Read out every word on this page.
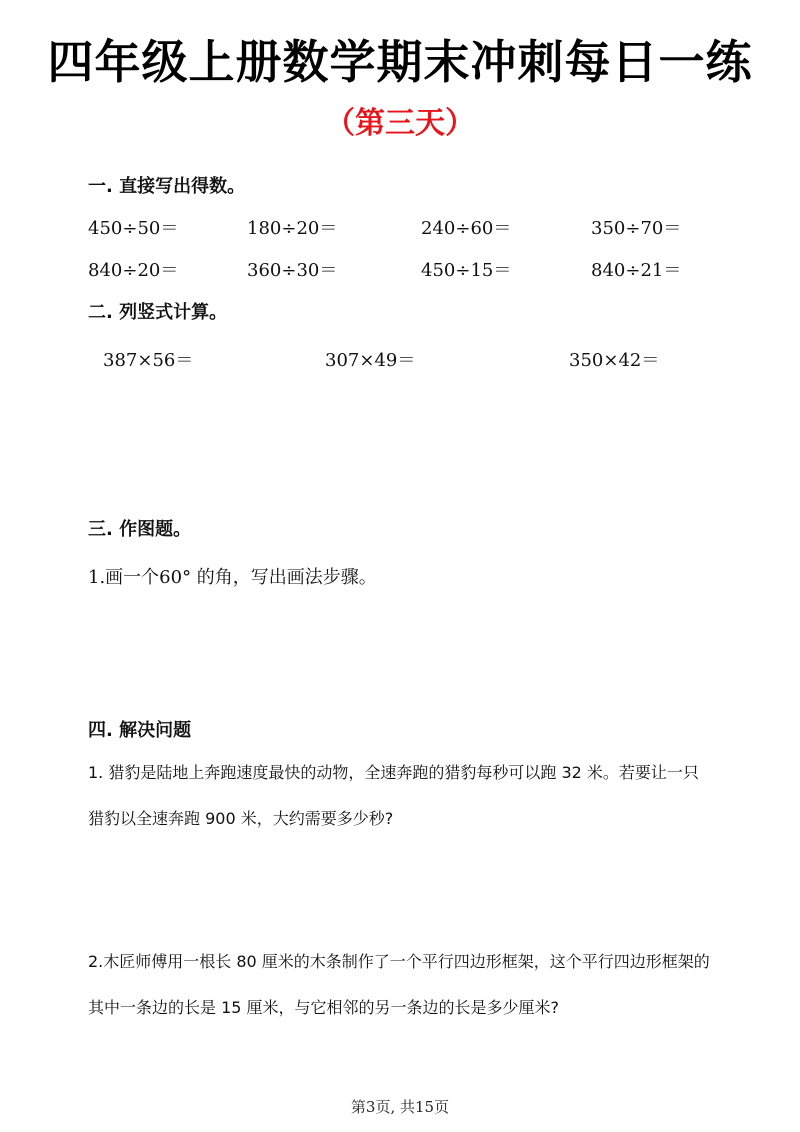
四年级上册数学期末冲刺每日一练
（第三天）
一. 直接写出得数。
450÷50＝	180÷20＝	240÷60＝	350÷70＝
840÷20＝	360÷30＝	450÷15＝	840÷21＝
二. 列竖式计算。
387×56＝	307×49＝	350×42＝
三. 作图题。
1.画一个60° 的角，写出画法步骤。
四. 解决问题
1. 猎豹是陆地上奔跑速度最快的动物，全速奔跑的猎豹每秒可以跑 32 米。若要让一只
猎豹以全速奔跑 900 米，大约需要多少秒?
2.木匠师傅用一根长 80 厘米的木条制作了一个平行四边形框架，这个平行四边形框架的
其中一条边的长是 15 厘米，与它相邻的另一条边的长是多少厘米?
第3页, 共15页
